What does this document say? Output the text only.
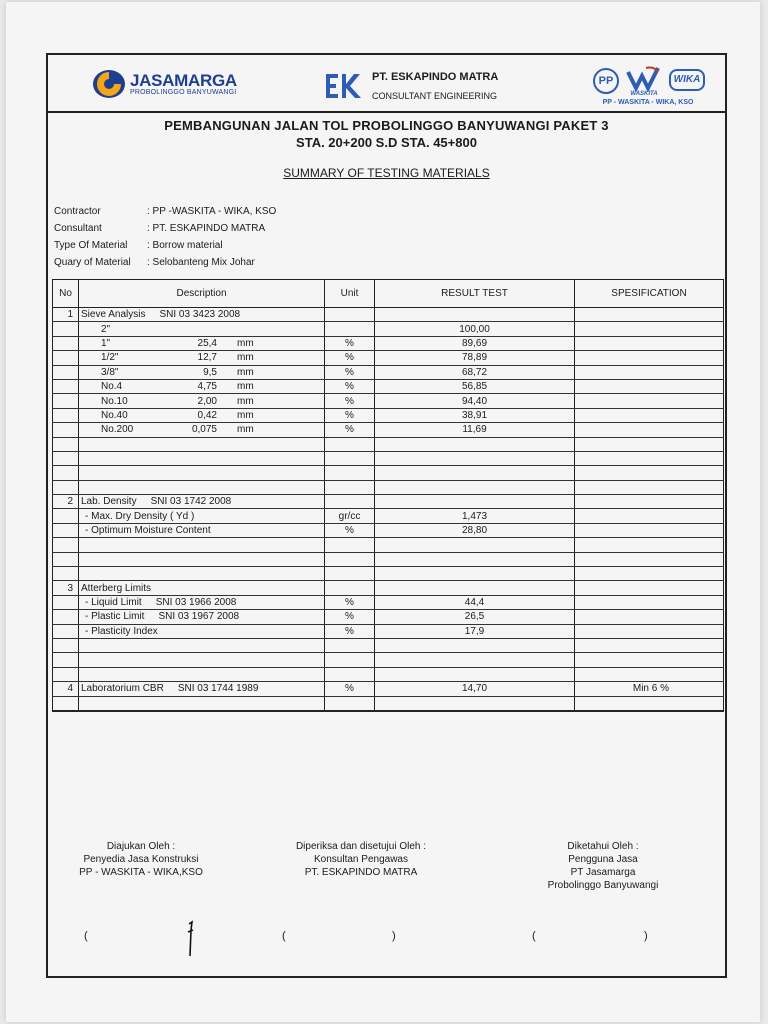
JASAMARGA
PROBOLINGGO BANYUWANGI
PT. ESKAPINDO MATRA
CONSULTANT ENGINEERING
PP
WASKITA
WIKA
PP - WASKITA - WIKA, KSO
PEMBANGUNAN JALAN TOL PROBOLINGGO BANYUWANGI PAKET 3
STA. 20+200 S.D STA. 45+800
SUMMARY OF TESTING MATERIALS
Contractor	: PP -WASKITA - WIKA, KSO
Consultant	: PT. ESKAPINDO MATRA
Type Of Material	: Borrow material
Quary of Material	: Selobanteng Mix Johar
No	Description	Unit	RESULT TEST	SPESIFICATION
1	Sieve Analysis SNI 03 3423 2008			
	2"		100,00	
	1" 25,4 mm	%	89,69	
	1/2" 12,7 mm	%	78,89	
	3/8" 9,5 mm	%	68,72	
	No.4 4,75 mm	%	56,85	
	No.10 2,00 mm	%	94,40	
	No.40 0,42 mm	%	38,91	
	No.200 0,075 mm	%	11,69	

2	Lab. Density SNI 03 1742 2008			
	- Max. Dry Density ( Yd )	gr/cc	1,473	
	- Optimum Moisture Content	%	28,80	

3	Atterberg Limits			
	- Liquid Limit SNI 03 1966 2008	%	44,4	
	- Plastic Limit SNI 03 1967 2008	%	26,5	
	- Plasticity Index	%	17,9	

4	Laboratorium CBR SNI 03 1744 1989	%	14,70	Min 6 %

Diajukan Oleh :
Penyedia Jasa Konstruksi
PP - WASKITA - WIKA,KSO
Diperiksa dan disetujui Oleh :
Konsultan Pengawas
PT. ESKAPINDO MATRA
Diketahui Oleh :
Pengguna Jasa
PT Jasamarga
Probolinggo Banyuwangi
(	(	)	(	)
